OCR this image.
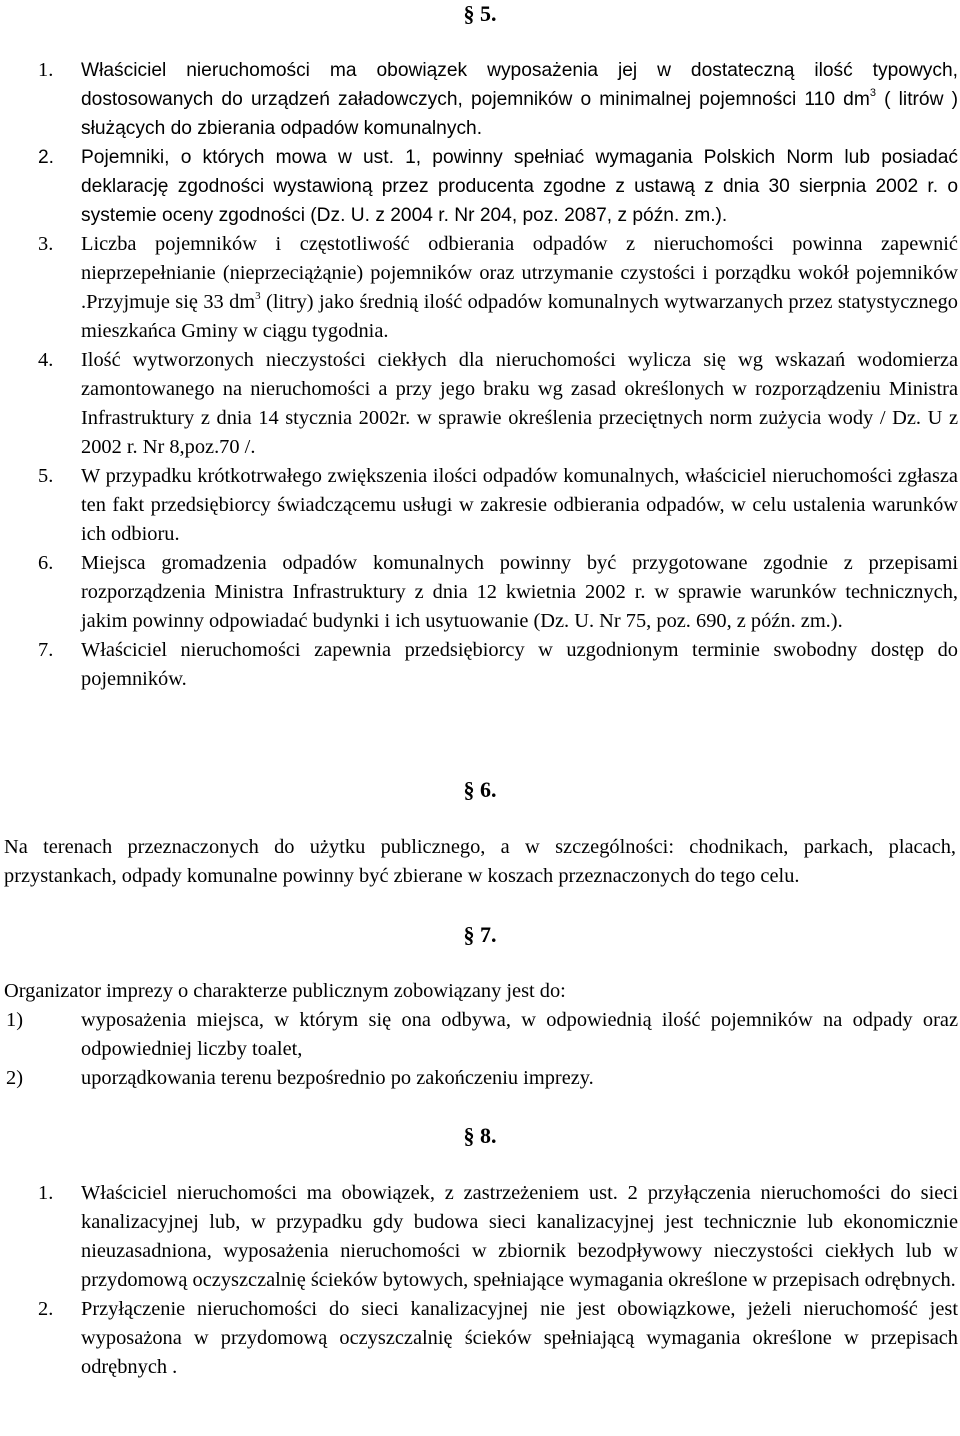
§ 5.
1. Właściciel nieruchomości ma obowiązek wyposażenia jej w dostateczną ilość typowych, dostosowanych do urządzeń załadowczych, pojemników o minimalnej pojemności 110 $dm^3$ ( litrów ) służących do zbierania odpadów komunalnych.
2. Pojemniki, o których mowa w ust. 1, powinny spełniać wymagania Polskich Norm lub posiadać deklarację zgodności wystawioną przez producenta zgodne z ustawą z dnia 30 sierpnia 2002 r. o systemie oceny zgodności (Dz. U. z 2004 r. Nr 204, poz. 2087, z późn. zm.).
3. Liczba pojemników i częstotliwość odbierania odpadów z nieruchomości powinna zapewnić nieprzepełnianie (nieprzeciążąnie) pojemników oraz utrzymanie czystości i porządku wokół pojemników .Przyjmuje się 33 $dm^3$ (litry) jako średnią ilość odpadów komunalnych wytwarzanych przez statystycznego mieszkańca Gminy w ciągu tygodnia.
4. Ilość wytworzonych nieczystości ciekłych dla nieruchomości wylicza się wg wskazań wodomierza zamontowanego na nieruchomości a przy jego braku wg zasad określonych w rozporządzeniu Ministra Infrastruktury z dnia 14 stycznia 2002r. w sprawie określenia przeciętnych norm zużycia wody / Dz. U z 2002 r. Nr 8,poz.70 /.
5. W przypadku krótkotrwałego zwiększenia ilości odpadów komunalnych, właściciel nieruchomości zgłasza ten fakt przedsiębiorcy świadczącemu usługi w zakresie odbierania odpadów, w celu ustalenia warunków ich odbioru.
6. Miejsca gromadzenia odpadów komunalnych powinny być przygotowane zgodnie z przepisami rozporządzenia Ministra Infrastruktury z dnia 12 kwietnia 2002 r. w sprawie warunków technicznych, jakim powinny odpowiadać budynki i ich usytuowanie (Dz. U. Nr 75, poz. 690, z późn. zm.).
7. Właściciel nieruchomości zapewnia przedsiębiorcy w uzgodnionym terminie swobodny dostęp do pojemników.
§ 6.
Na terenach przeznaczonych do użytku publicznego, a w szczególności: chodnikach, parkach, placach, przystankach, odpady komunalne powinny być zbierane w koszach przeznaczonych do tego celu.
§ 7.
Organizator imprezy o charakterze publicznym zobowiązany jest do:
1)	wyposażenia miejsca, w którym się ona odbywa, w odpowiednią ilość pojemników na odpady oraz odpowiedniej liczby toalet,
2)	uporządkowania terenu bezpośrednio po zakończeniu imprezy.
§ 8.
1. Właściciel nieruchomości ma obowiązek, z zastrzeżeniem ust. 2 przyłączenia nieruchomości do sieci kanalizacyjnej lub, w przypadku gdy budowa sieci kanalizacyjnej jest technicznie lub ekonomicznie nieuzasadniona, wyposażenia nieruchomości w zbiornik bezodpływowy nieczystości ciekłych lub w przydomową oczyszczalnię ścieków bytowych, spełniające wymagania określone w przepisach odrębnych.
2. Przyłączenie nieruchomości do sieci kanalizacyjnej nie jest obowiązkowe, jeżeli nieruchomość jest wyposażona w przydomową oczyszczalnię ścieków spełniającą wymagania określone w przepisach odrębnych .
